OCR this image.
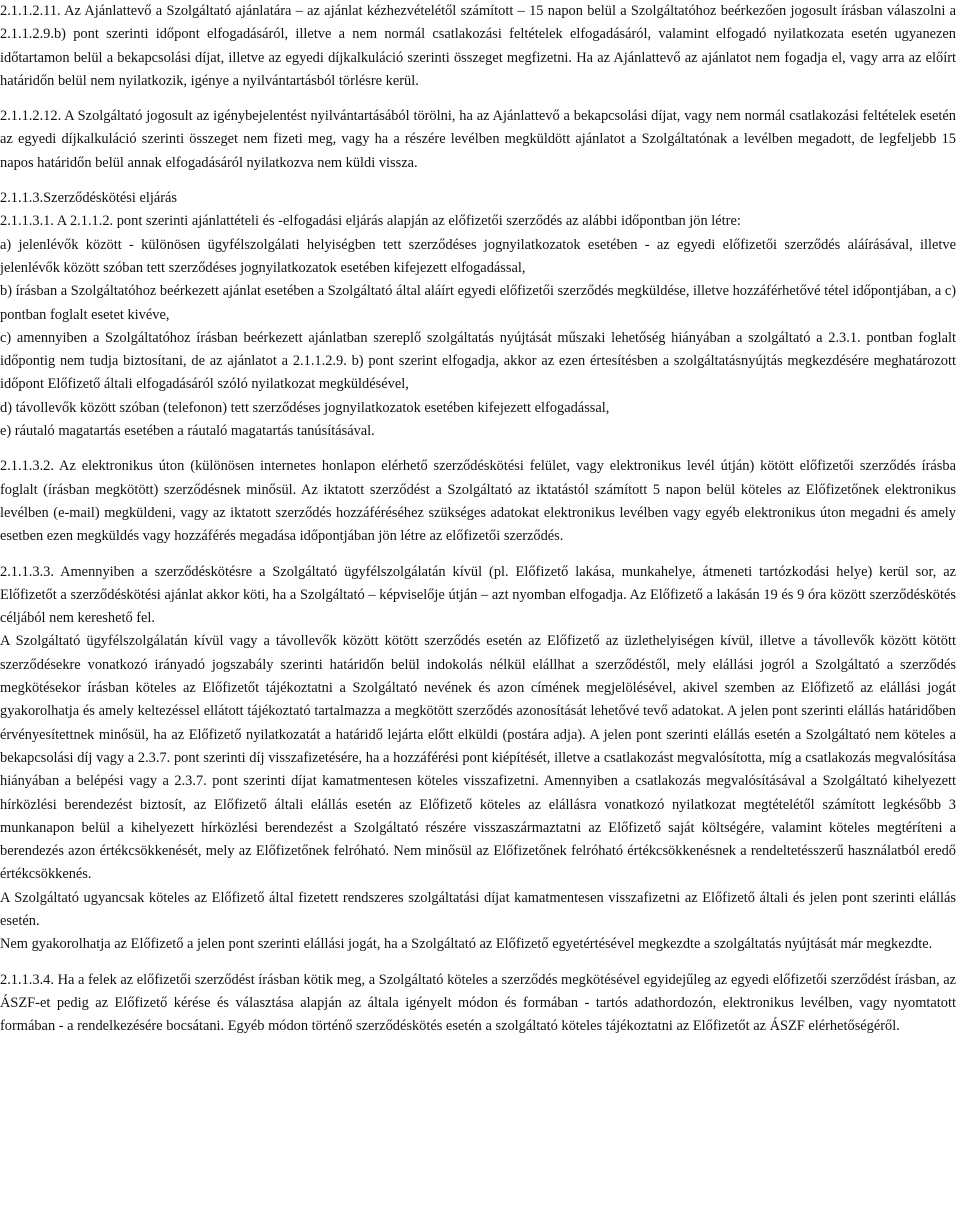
2.1.1.2.11. Az Ajánlattevő a Szolgáltató ajánlatára – az ajánlat kézhezvételétől számított – 15 napon belül a Szolgáltatóhoz beérkezően jogosult írásban válaszolni a 2.1.1.2.9.b) pont szerinti időpont elfogadásáról, illetve a nem normál csatlakozási feltételek elfogadásáról, valamint elfogadó nyilatkozata esetén ugyanezen időtartamon belül a bekapcsolási díjat, illetve az egyedi díjkalkuláció szerinti összeget megfizetni. Ha az Ajánlattevő az ajánlatot nem fogadja el, vagy arra az előírt határidőn belül nem nyilatkozik, igénye a nyilvántartásból törlésre kerül.

2.1.1.2.12. A Szolgáltató jogosult az igénybejelentést nyilvántartásából törölni, ha az Ajánlattevő a bekapcsolási díjat, vagy nem normál csatlakozási feltételek esetén az egyedi díjkalkuláció szerinti összeget nem fizeti meg, vagy ha a részére levélben megküldött ajánlatot a Szolgáltatónak a levélben megadott, de legfeljebb 15 napos határidőn belül annak elfogadásáról nyilatkozva nem küldi vissza.

2.1.1.3.Szerződéskötési eljárás

2.1.1.3.1. A 2.1.1.2. pont szerinti ajánlattételi és -elfogadási eljárás alapján az előfizetői szerződés az alábbi időpontban jön létre:

a) jelenlévők között - különösen ügyfélszolgálati helyiségben tett szerződéses jognyilatkozatok esetében - az egyedi előfizetői szerződés aláírásával, illetve jelenlévők között szóban tett szerződéses jognyilatkozatok esetében kifejezett elfogadással,

b) írásban a Szolgáltatóhoz beérkezett ajánlat esetében a Szolgáltató által aláírt egyedi előfizetői szerződés megküldése, illetve hozzáférhetővé tétel időpontjában, a c) pontban foglalt esetet kivéve,

c) amennyiben a Szolgáltatóhoz írásban beérkezett ajánlatban szereplő szolgáltatás nyújtását műszaki lehetőség hiányában a szolgáltató a 2.3.1. pontban foglalt időpontig nem tudja biztosítani, de az ajánlatot a 2.1.1.2.9. b) pont szerint elfogadja, akkor az ezen értesítésben a szolgáltatásnyújtás megkezdésére meghatározott időpont Előfizető általi elfogadásáról szóló nyilatkozat megküldésével,

d) távollevők között szóban (telefonon) tett szerződéses jognyilatkozatok esetében kifejezett elfogadással,

e) ráutaló magatartás esetében a ráutaló magatartás tanúsításával.

2.1.1.3.2. Az elektronikus úton (különösen internetes honlapon elérhető szerződéskötési felület, vagy elektronikus levél útján) kötött előfizetői szerződés írásba foglalt (írásban megkötött) szerződésnek minősül. Az iktatott szerződést a Szolgáltató az iktatástól számított 5 napon belül köteles az Előfizetőnek elektronikus levélben (e-mail) megküldeni, vagy az iktatott szerződés hozzáféréséhez szükséges adatokat elektronikus levélben vagy egyéb elektronikus úton megadni és amely esetben ezen megküldés vagy hozzáférés megadása időpontjában jön létre az előfizetői szerződés.

2.1.1.3.3. Amennyiben a szerződéskötésre a Szolgáltató ügyfélszolgálatán kívül (pl. Előfizető lakása, munkahelye, átmeneti tartózkodási helye) kerül sor, az Előfizetőt a szerződéskötési ajánlat akkor köti, ha a Szolgáltató – képviselője útján – azt nyomban elfogadja. Az Előfizető a lakásán 19 és 9 óra között szerződéskötés céljából nem kereshető fel.

A Szolgáltató ügyfélszolgálatán kívül vagy a távollevők között kötött szerződés esetén az Előfizető az üzlethelyiségen kívül, illetve a távollevők között kötött szerződésekre vonatkozó irányadó jogszabály szerinti határidőn belül indokolás nélkül elállhat a szerződéstől, mely elállási jogról a Szolgáltató a szerződés megkötésekor írásban köteles az Előfizetőt tájékoztatni a Szolgáltató nevének és azon címének megjelölésével, akivel szemben az Előfizető az elállási jogát gyakorolhatja és amely keltezéssel ellátott tájékoztató tartalmazza a megkötött szerződés azonosítását lehetővé tevő adatokat. A jelen pont szerinti elállás határidőben érvényesítettnek minősül, ha az Előfizető nyilatkozatát a határidő lejárta előtt elküldi (postára adja). A jelen pont szerinti elállás esetén a Szolgáltató nem köteles a bekapcsolási díj vagy a 2.3.7. pont szerinti díj visszafizetésére, ha a hozzáférési pont kiépítését, illetve a csatlakozást megvalósította, míg a csatlakozás megvalósítása hiányában a belépési vagy a 2.3.7. pont szerinti díjat kamatmentesen köteles visszafizetni. Amennyiben a csatlakozás megvalósításával a Szolgáltató kihelyezett hírközlési berendezést biztosít, az Előfizető általi elállás esetén az Előfizető köteles az elállásra vonatkozó nyilatkozat megtételétől számított legkésőbb 3 munkanapon belül a kihelyezett hírközlési berendezést a Szolgáltató részére visszaszármaztatni az Előfizető saját költségére, valamint köteles megtéríteni a berendezés azon értékcsökkenését, mely az Előfizetőnek felróható. Nem minősül az Előfizetőnek felróható értékcsökkenésnek a rendeltetésszerű használatból eredő értékcsökkenés.

A Szolgáltató ugyancsak köteles az Előfizető által fizetett rendszeres szolgáltatási díjat kamatmentesen visszafizetni az Előfizető általi és jelen pont szerinti elállás esetén.

Nem gyakorolhatja az Előfizető a jelen pont szerinti elállási jogát, ha a Szolgáltató az Előfizető egyetértésével megkezdte a szolgáltatás nyújtását már megkezdte.

2.1.1.3.4. Ha a felek az előfizetői szerződést írásban kötik meg, a Szolgáltató köteles a szerződés megkötésével egyidejűleg az egyedi előfizetői szerződést írásban, az ÁSZF-et pedig az Előfizető kérése és választása alapján az általa igényelt módon és formában - tartós adathordozón, elektronikus levélben, vagy nyomtatott formában - a rendelkezésére bocsátani. Egyéb módon történő szerződéskötés esetén a szolgáltató köteles tájékoztatni az Előfizetőt az ÁSZF elérhetőségéről.
